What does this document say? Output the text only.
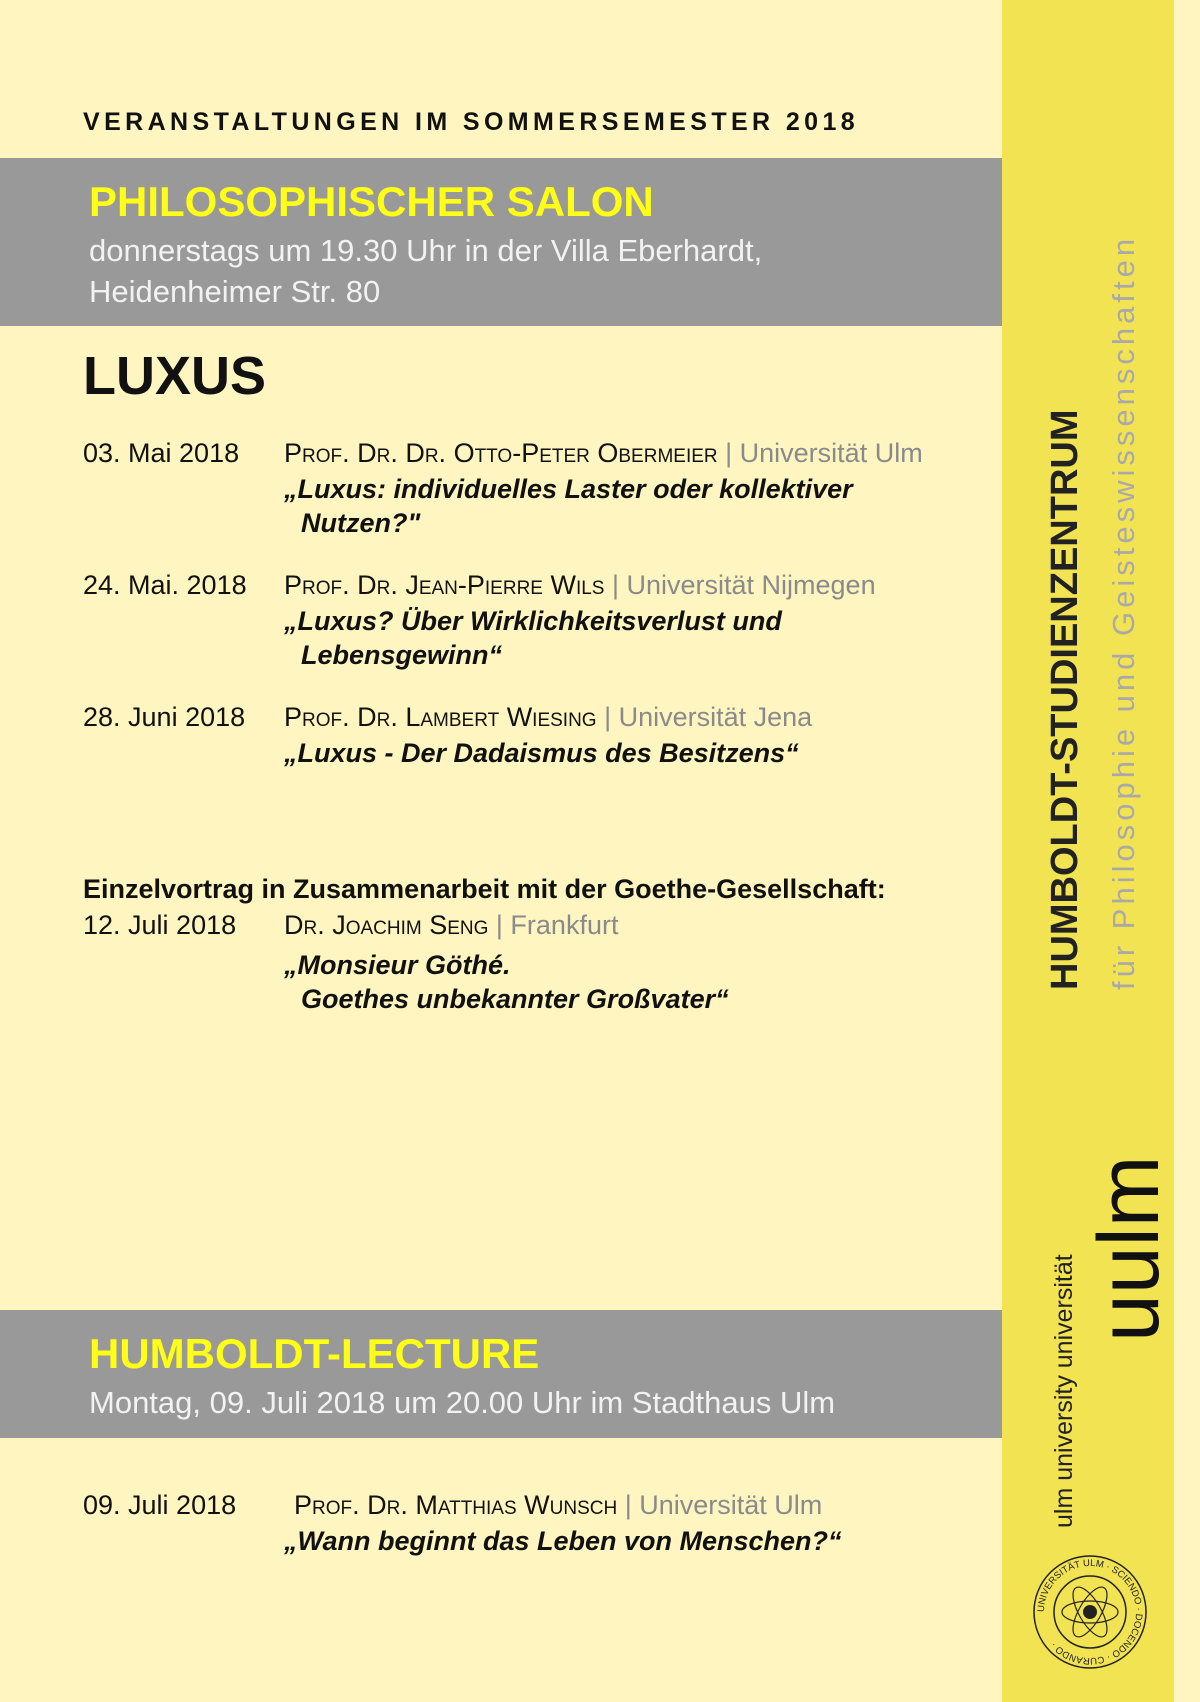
VERANSTALTUNGEN IM SOMMERSEMESTER 2018
PHILOSOPHISCHER SALON
donnerstags um 19.30 Uhr in der Villa Eberhardt,
Heidenheimer Str. 80
LUXUS
03. Mai 2018 Prof. Dr. Dr. Otto-Peter Obermeier | Universität Ulm
„Luxus: individuelles Laster oder kollektiver
Nutzen?"
24. Mai. 2018 Prof. Dr. Jean-Pierre Wils | Universität Nijmegen
„Luxus? Über Wirklichkeitsverlust und
Lebensgewinn“
28. Juni 2018 Prof. Dr. Lambert Wiesing | Universität Jena
„Luxus - Der Dadaismus des Besitzens“
Einzelvortrag in Zusammenarbeit mit der Goethe-Gesellschaft:
12. Juli 2018 Dr. Joachim Seng | Frankfurt
„Monsieur Göthé.
Goethes unbekannter Großvater“
HUMBOLDT-LECTURE
Montag, 09. Juli 2018 um 20.00 Uhr im Stadthaus Ulm
09. Juli 2018 Prof. Dr. Matthias Wunsch | Universität Ulm
„Wann beginnt das Leben von Menschen?“
HUMBOLDT-STUDIENZENTRUM für Philosophie und Geisteswissenschaften
ulm university universität
uulm
UNIVERSITÄT ULM · SCIENDO · DOCENDO · CURANDO ·
